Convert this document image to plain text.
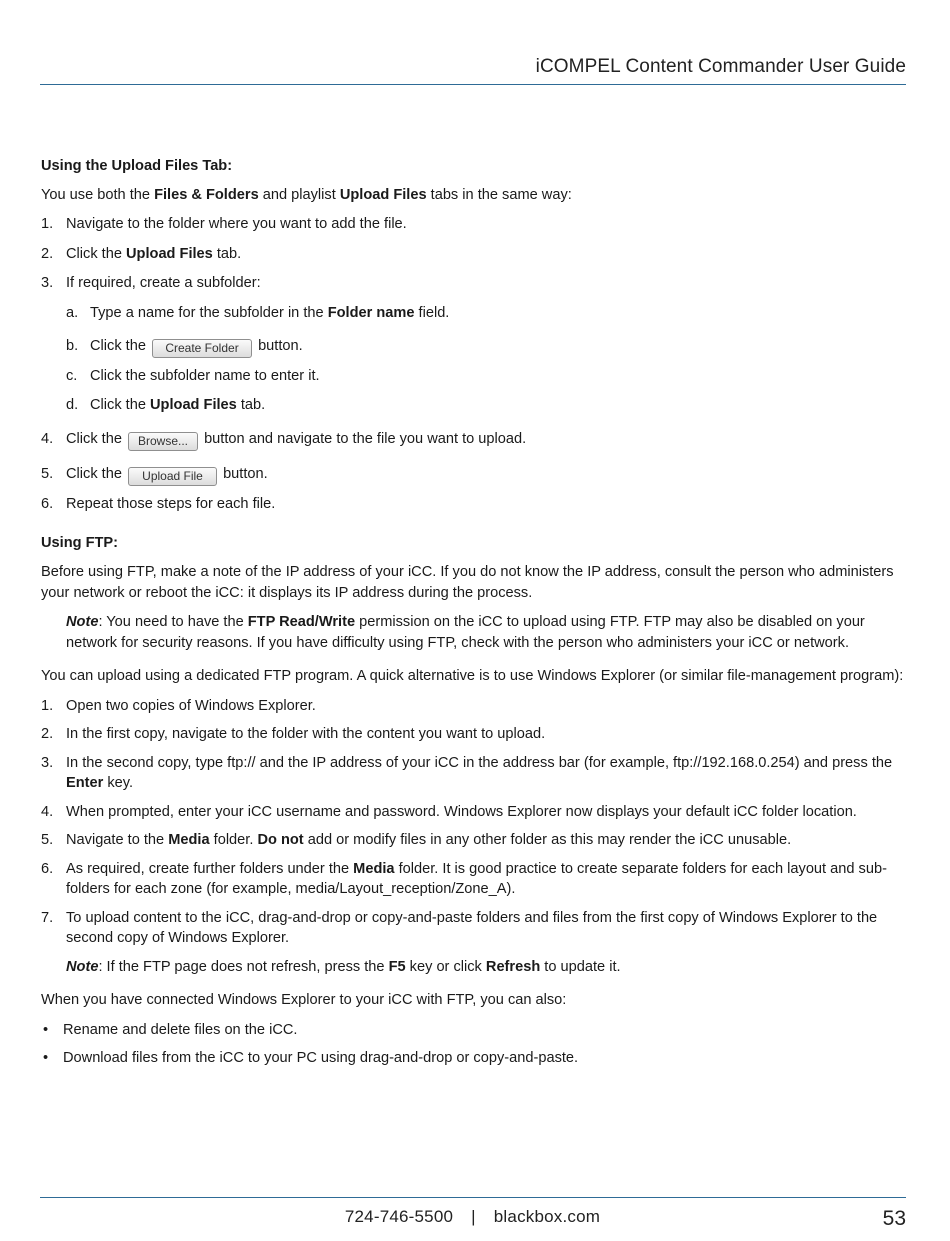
iCOMPEL Content Commander User Guide

Using the Upload Files Tab:

You use both the Files & Folders and playlist Upload Files tabs in the same way:

1. Navigate to the folder where you want to add the file.
2. Click the Upload Files tab.
3. If required, create a subfolder:
a. Type a name for the subfolder in the Folder name field.
b. Click the Create Folder button.
c. Click the subfolder name to enter it.
d. Click the Upload Files tab.
4. Click the Browse... button and navigate to the file you want to upload.
5. Click the Upload File button.
6. Repeat those steps for each file.

Using FTP:

Before using FTP, make a note of the IP address of your iCC. If you do not know the IP address, consult the person who administers your network or reboot the iCC: it displays its IP address during the process.

Note: You need to have the FTP Read/Write permission on the iCC to upload using FTP. FTP may also be disabled on your network for security reasons. If you have difficulty using FTP, check with the person who administers your iCC or network.

You can upload using a dedicated FTP program. A quick alternative is to use Windows Explorer (or similar file-management program):

1. Open two copies of Windows Explorer.
2. In the first copy, navigate to the folder with the content you want to upload.
3. In the second copy, type ftp:// and the IP address of your iCC in the address bar (for example, ftp://192.168.0.254) and press the Enter key.
4. When prompted, enter your iCC username and password. Windows Explorer now displays your default iCC folder location.
5. Navigate to the Media folder. Do not add or modify files in any other folder as this may render the iCC unusable.
6. As required, create further folders under the Media folder. It is good practice to create separate folders for each layout and sub-folders for each zone (for example, media/Layout_reception/Zone_A).
7. To upload content to the iCC, drag-and-drop or copy-and-paste folders and files from the first copy of Windows Explorer to the second copy of Windows Explorer.

Note: If the FTP page does not refresh, press the F5 key or click Refresh to update it.

When you have connected Windows Explorer to your iCC with FTP, you can also:

• Rename and delete files on the iCC.
• Download files from the iCC to your PC using drag-and-drop or copy-and-paste.
724-746-5500 | blackbox.com	53
